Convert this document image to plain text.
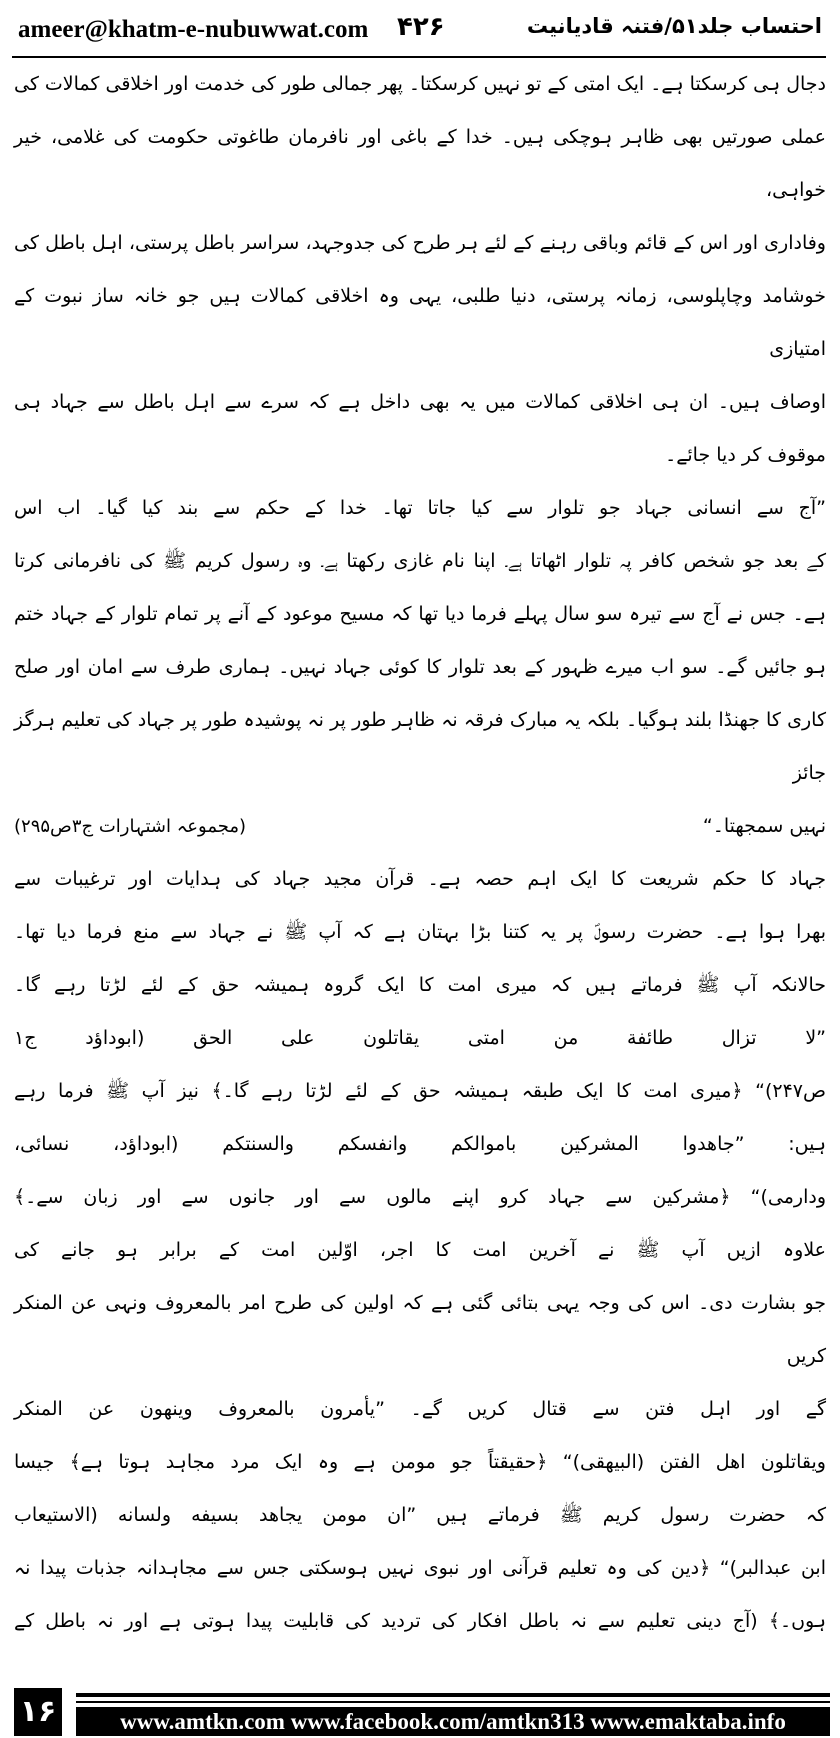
ameer@khatm-e-nubuwwat.com ۴۲۶	احتساب جلد۵۱/فتنہ قادیانیت
دجال ہی کرسکتا ہے۔ ایک امتی کے تو نہیں کرسکتا۔ پھر جمالی طور کی خدمت اور اخلاقی کمالات کی
عملی صورتیں بھی ظاہر ہوچکی ہیں۔ خدا کے باغی اور نافرمان طاغوتی حکومت کی غلامی، خیر خواہی،
وفاداری اور اس کے قائم وباقی رہنے کے لئے ہر طرح کی جدوجہد، سراسر باطل پرستی، اہل باطل کی
خوشامد وچاپلوسی، زمانہ پرستی، دنیا طلبی، یہی وہ اخلاقی کمالات ہیں جو خانہ ساز نبوت کے امتیازی
اوصاف ہیں۔ ان ہی اخلاقی کمالات میں یہ بھی داخل ہے کہ سرے سے اہل باطل سے جہاد ہی
موقوف کر دیا جائے۔
”آج سے انسانی جہاد جو تلوار سے کیا جاتا تھا۔ خدا کے حکم سے بند کیا گیا۔ اب اس
کے بعد جو شخص کافر پہ تلوار اٹھاتا ہے۔ اپنا نام غازی رکھتا ہے۔ وہ رسول کریم ﷺ کی نافرمانی کرتا
ہے۔ جس نے آج سے تیرہ سو سال پہلے فرما دیا تھا کہ مسیح موعود کے آنے پر تمام تلوار کے جہاد ختم
ہو جائیں گے۔ سو اب میرے ظہور کے بعد تلوار کا کوئی جہاد نہیں۔ ہماری طرف سے امان اور صلح
کاری کا جھنڈا بلند ہوگیا۔ بلکہ یہ مبارک فرقہ نہ ظاہر طور پر نہ پوشیدہ طور پر جہاد کی تعلیم ہرگز جائز
نہیں سمجھتا۔“
(مجموعہ اشتہارات ج۳ص۲۹۵)
جہاد کا حکم شریعت کا ایک اہم حصہ ہے۔ قرآن مجید جہاد کی ہدایات اور ترغیبات سے
بھرا ہوا ہے۔ حضرت رسولؐ پر یہ کتنا بڑا بہتان ہے کہ آپ ﷺ نے جہاد سے منع فرما دیا تھا۔
حالانکہ آپ ﷺ فرماتے ہیں کہ میری امت کا ایک گروہ ہمیشہ حق کے لئے لڑتا رہے گا۔
”لا تزال طائفة من امتی یقاتلون علی الحق (ابوداؤد ج۱
ص۲۴۷)“ ﴿میری امت کا ایک طبقہ ہمیشہ حق کے لئے لڑتا رہے گا۔﴾ نیز آپ ﷺ فرما رہے
ہیں: ”جاهدوا المشرکین باموالکم وانفسکم والسنتکم (ابوداؤد، نسائی،
ودارمی)“ ﴿مشرکین سے جہاد کرو اپنے مالوں سے اور جانوں سے اور زبان سے۔﴾
علاوہ ازیں آپ ﷺ نے آخرین امت کا اجر، اوّلین امت کے برابر ہو جانے کی
جو بشارت دی۔ اس کی وجہ یہی بتائی گئی ہے کہ اولین کی طرح امر بالمعروف ونہی عن المنکر کریں
گے اور اہل فتن سے قتال کریں گے۔ ”یأمرون بالمعروف وینهون عن المنکر
ویقاتلون اهل الفتن (البیهقی)“ ﴿حقیقتاً جو مومن ہے وہ ایک مرد مجاہد ہوتا ہے﴾ جیسا
کہ حضرت رسول کریم ﷺ فرماتے ہیں ”ان مومن یجاهد بسیفه ولسانه (الاستیعاب
ابن عبدالبر)“ ﴿دین کی وہ تعلیم قرآنی اور نبوی نہیں ہوسکتی جس سے مجاہدانہ جذبات پیدا نہ
ہوں۔﴾ (آج دینی تعلیم سے نہ باطل افکار کی تردید کی قابلیت پیدا ہوتی ہے اور نہ باطل کے
۱۶	www.amtkn.com www.facebook.com/amtkn313 www.emaktaba.info
